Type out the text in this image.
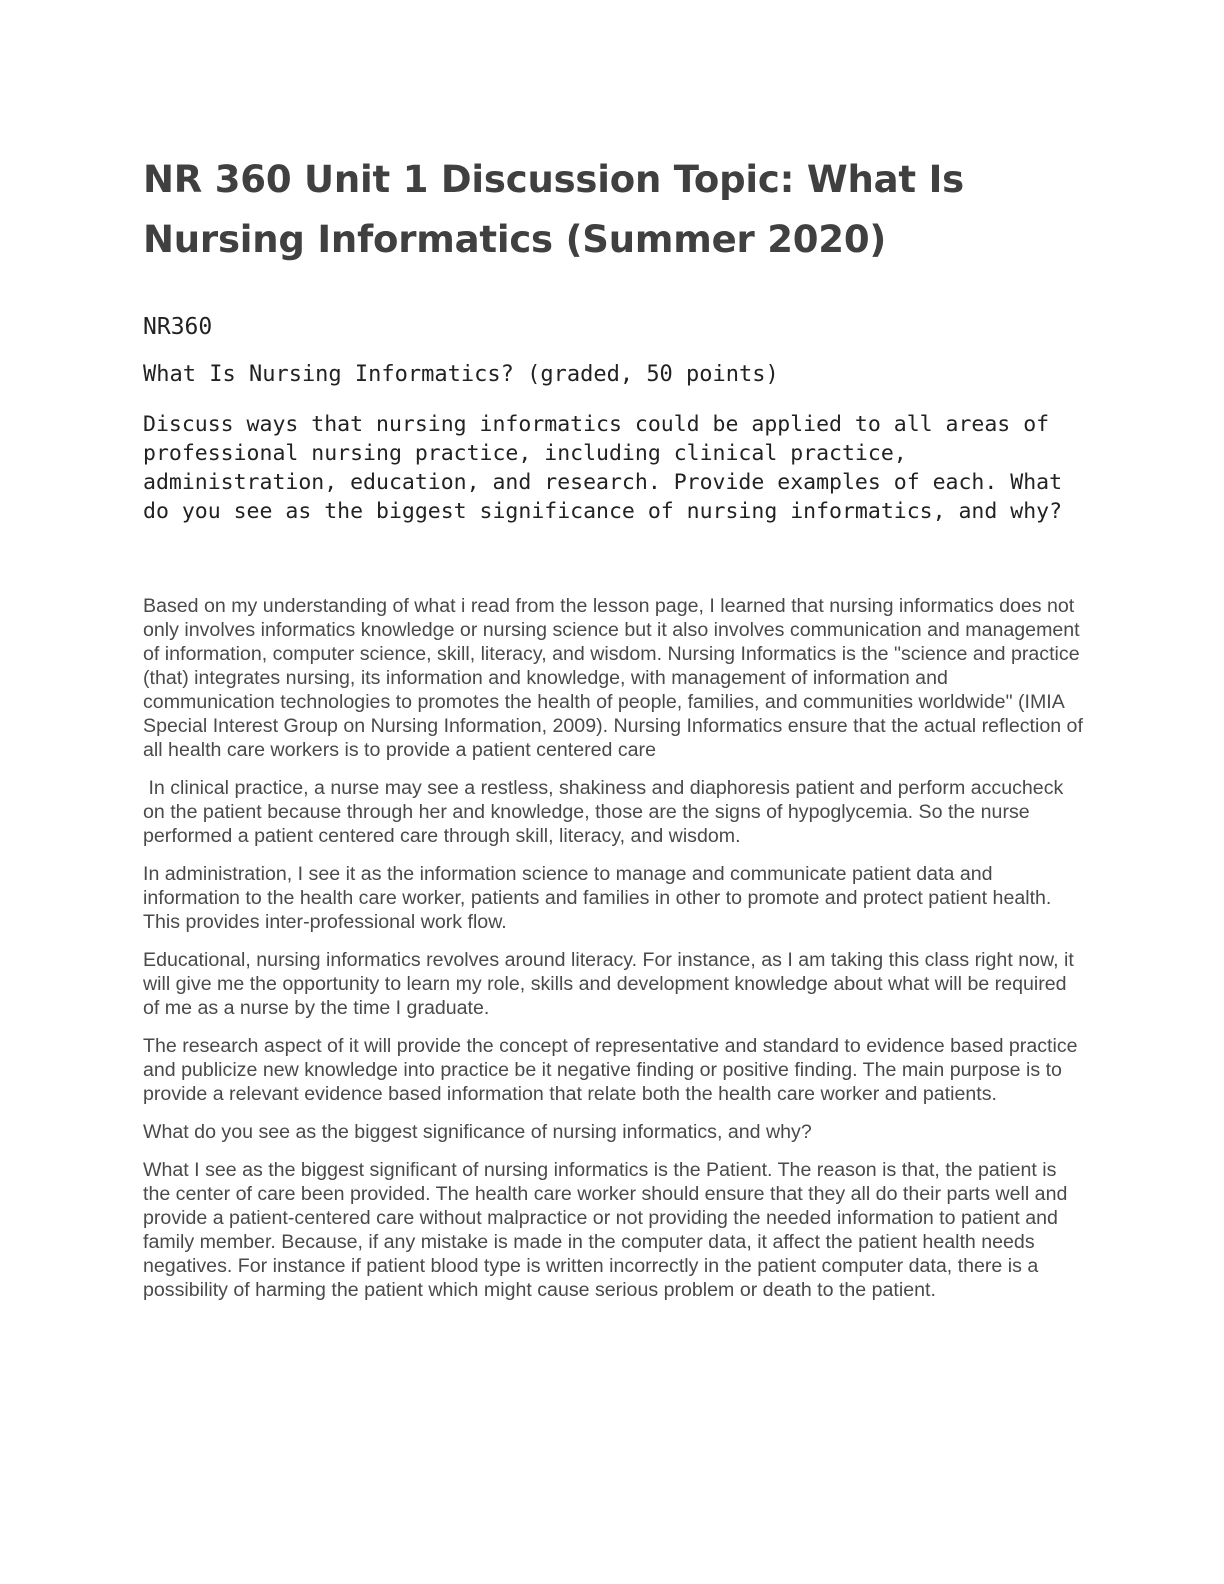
NR 360 Unit 1 Discussion Topic: What Is Nursing Informatics (Summer 2020)

NR360

What Is Nursing Informatics? (graded, 50 points)

Discuss ways that nursing informatics could be applied to all areas of professional nursing practice, including clinical practice, administration, education, and research. Provide examples of each. What do you see as the biggest significance of nursing informatics, and why?

Based on my understanding of what i read from the lesson page, I learned that nursing informatics does not only involves informatics knowledge or nursing science but it also involves communication and management of information, computer science, skill, literacy, and wisdom. Nursing Informatics is the "science and practice (that) integrates nursing, its information and knowledge, with management of information and communication technologies to promotes the health of people, families, and communities worldwide" (IMIA Special Interest Group on Nursing Information, 2009). Nursing Informatics ensure that the actual reflection of all health care workers is to provide a patient centered care

In clinical practice, a nurse may see a restless, shakiness and diaphoresis patient and perform accucheck on the patient because through her and knowledge, those are the signs of hypoglycemia. So the nurse performed a patient centered care through skill, literacy, and wisdom.

In administration, I see it as the information science to manage and communicate patient data and information to the health care worker, patients and families in other to promote and protect patient health. This provides inter-professional work flow.

Educational, nursing informatics revolves around literacy. For instance, as I am taking this class right now, it will give me the opportunity to learn my role, skills and development knowledge about what will be required of me as a nurse by the time I graduate.

The research aspect of it will provide the concept of representative and standard to evidence based practice and publicize new knowledge into practice be it negative finding or positive finding. The main purpose is to provide a relevant evidence based information that relate both the health care worker and patients.

What do you see as the biggest significance of nursing informatics, and why?

What I see as the biggest significant of nursing informatics is the Patient. The reason is that, the patient is the center of care been provided. The health care worker should ensure that they all do their parts well and provide a patient-centered care without malpractice or not providing the needed information to patient and family member. Because, if any mistake is made in the computer data, it affect the patient health needs negatives. For instance if patient blood type is written incorrectly in the patient computer data, there is a possibility of harming the patient which might cause serious problem or death to the patient.
